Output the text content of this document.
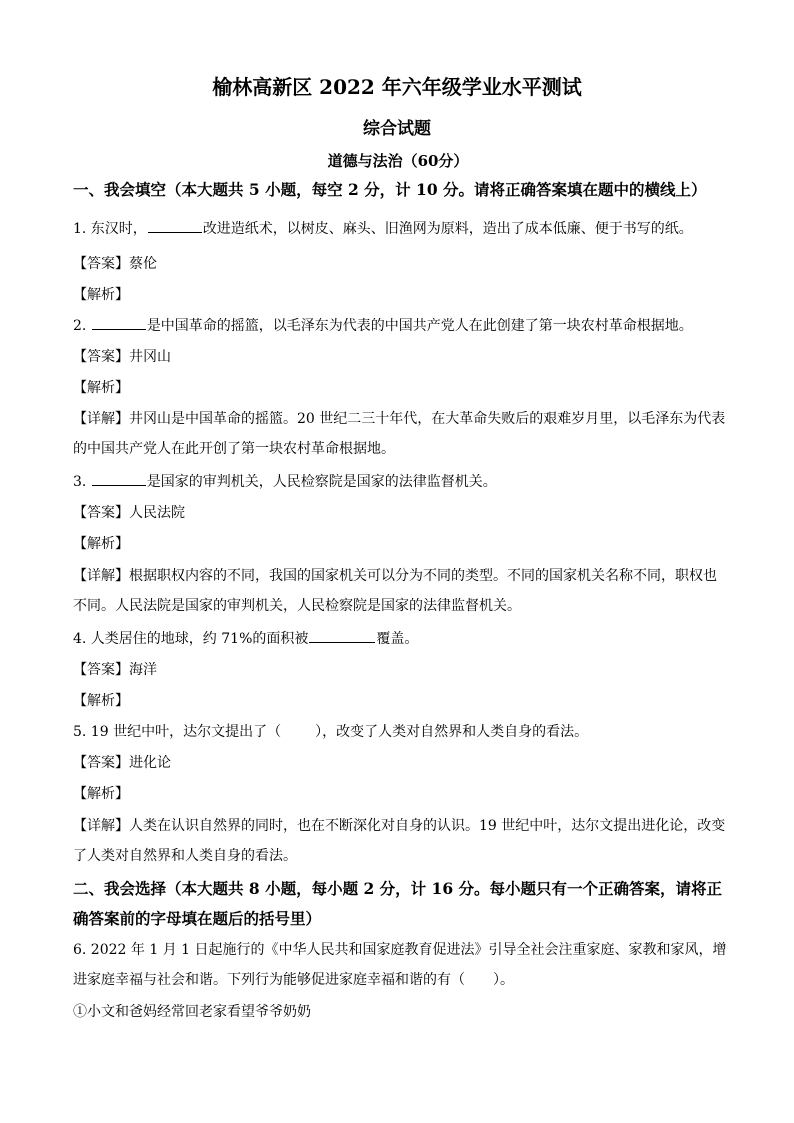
榆林高新区 2022 年六年级学业水平测试
综合试题
道德与法治（60分）
一、我会填空（本大题共 5 小题，每空 2 分，计 10 分。请将正确答案填在题中的横线上）
1. 东汉时，	改进造纸术，以树皮、麻头、旧渔网为原料，造出了成本低廉、便于书写的纸。
【答案】蔡伦
【解析】
2.	是中国革命的摇篮，以毛泽东为代表的中国共产党人在此创建了第一块农村革命根据地。
【答案】井冈山
【解析】
【详解】井冈山是中国革命的摇篮。20 世纪二三十年代，在大革命失败后的艰难岁月里，以毛泽东为代表的中国共产党人在此开创了第一块农村革命根据地。
3.	是国家的审判机关，人民检察院是国家的法律监督机关。
【答案】人民法院
【解析】
【详解】根据职权内容的不同，我国的国家机关可以分为不同的类型。不同的国家机关名称不同，职权也不同。人民法院是国家的审判机关，人民检察院是国家的法律监督机关。
4. 人类居住的地球，约 71%的面积被	覆盖。
【答案】海洋
【解析】
5. 19 世纪中叶，达尔文提出了（ ），改变了人类对自然界和人类自身的看法。
【答案】进化论
【解析】
【详解】人类在认识自然界的同时，也在不断深化对自身的认识。19 世纪中叶，达尔文提出进化论，改变了人类对自然界和人类自身的看法。
二、我会选择（本大题共 8 小题，每小题 2 分，计 16 分。每小题只有一个正确答案，请将正确答案前的字母填在题后的括号里）
6. 2022 年 1 月 1 日起施行的《中华人民共和国家庭教育促进法》引导全社会注重家庭、家教和家风，增进家庭幸福与社会和谐。下列行为能够促进家庭幸福和谐的有（　　）。
①小文和爸妈经常回老家看望爷爷奶奶
